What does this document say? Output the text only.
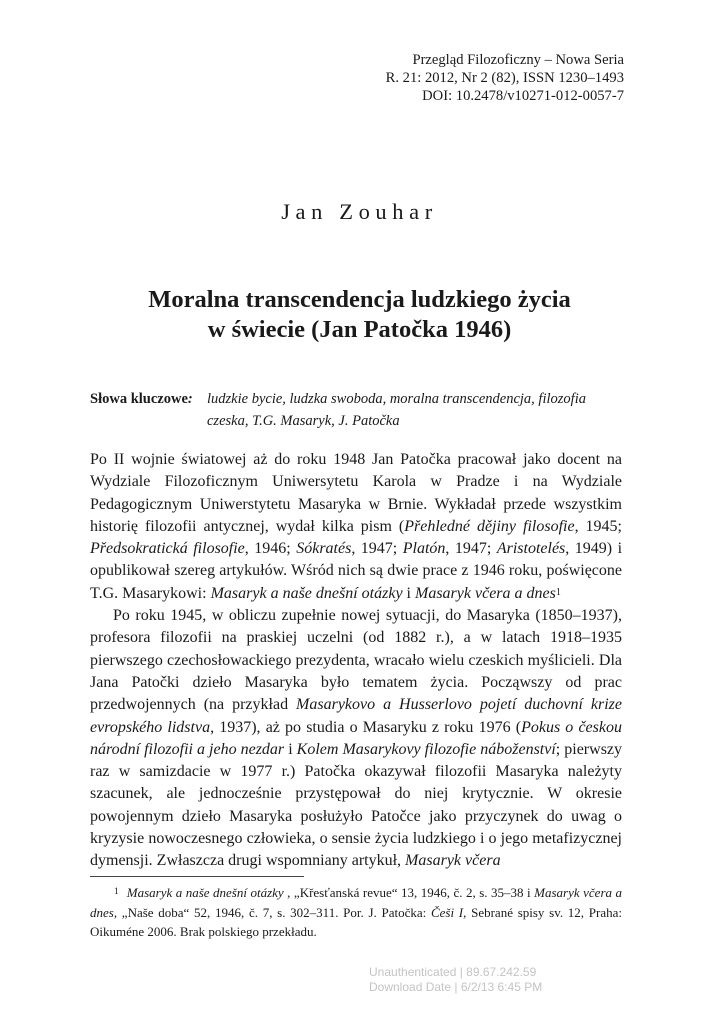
Przegląd Filozoficzny – Nowa Seria
R. 21: 2012, Nr 2 (82), ISSN 1230–1493
DOI: 10.2478/v10271-012-0057-7
Jan Zouhar
Moralna transcendencja ludzkiego życia
w świecie (Jan Patočka 1946)
Słowa kluczowe: ludzkie bycie, ludzka swoboda, moralna transcendencja, filozofia czeska, T.G. Masaryk, J. Patočka

Po II wojnie światowej aż do roku 1948 Jan Patočka pracował jako docent na Wydziale Filozoficznym Uniwersytetu Karola w Pradze i na Wydziale Pedagogicznym Uniwerstytetu Masaryka w Brnie. Wykładał przede wszystkim historię filozofii antycznej, wydał kilka pism (Přehledné dějiny filosofie, 1945; Předsokratická filosofie, 1946; Sókratés, 1947; Platón, 1947; Aristotelés, 1949) i opublikował szereg artykułów. Wśród nich są dwie prace z 1946 roku, poświęcone T.G. Masarykowi: Masaryk a naše dnešní otázky i Masaryk včera a dnes$^1$

Po roku 1945, w obliczu zupełnie nowej sytuacji, do Masaryka (1850–1937), profesora filozofii na praskiej uczelni (od 1882 r.), a w latach 1918–1935 pierwszego czechosłowackiego prezydenta, wracało wielu czeskich myślicieli. Dla Jana Patočki dzieło Masaryka było tematem życia. Począwszy od prac przedwojennych (na przykład Masarykovo a Husserlovo pojetí duchovní krize evropského lidstva, 1937), aż po studia o Masaryku z roku 1976 (Pokus o českou národní filozofii a jeho nezdar i Kolem Masarykovy filozofie náboženství; pierwszy raz w samizdacie w 1977 r.) Patočka okazywał filozofii Masaryka należyty szacunek, ale jednocześnie przystępował do niej krytycznie. W okresie powojennym dzieło Masaryka posłużyło Patočce jako przyczynek do uwag o kryzysie nowoczesnego człowieka, o sensie życia ludzkiego i o jego metafizycznej dymensji. Zwłaszcza drugi wspomniany artykuł, Masaryk včera

$^1$ Masaryk a naše dnešní otázky , „Křesťanská revue“ 13, 1946, č. 2, s. 35–38 i Masaryk včera a dnes, „Naše doba“ 52, 1946, č. 7, s. 302–311. Por. J. Patočka: Češi I, Sebrané spisy sv. 12, Praha: Oikuméne 2006. Brak polskiego przekładu.

Unauthenticated | 89.67.242.59
Download Date | 6/2/13 6:45 PM
